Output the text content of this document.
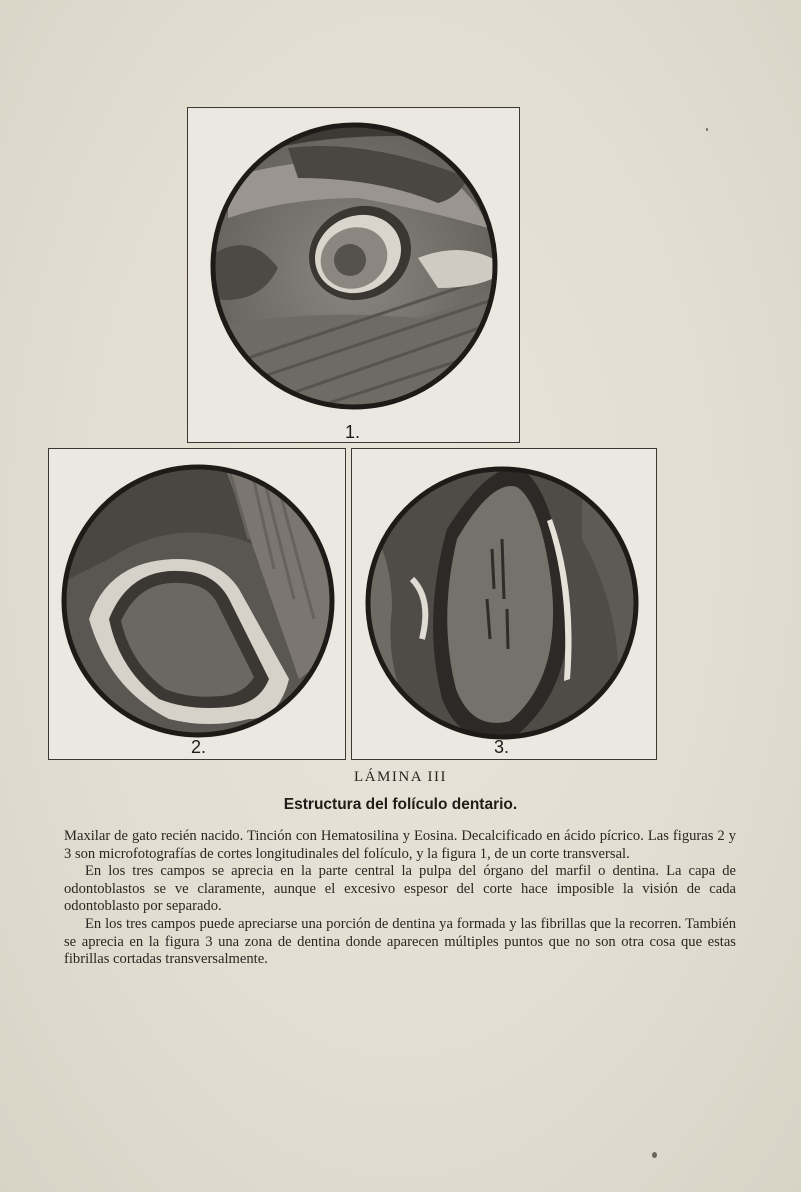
1.
2.	3.
LÁMINA III
Estructura del folículo dentario.

Maxilar de gato recién nacido. Tinción con Hematosilina y Eosina. Decalcificado en ácido pícrico. Las figuras 2 y 3 son microfotografías de cortes longitudinales del folículo, y la figura 1, de un corte transversal.

En los tres campos se aprecia en la parte central la pulpa del órgano del marfil o dentina. La capa de odontoblastos se ve claramente, aunque el excesivo espesor del corte hace imposible la visión de cada odontoblasto por separado.

En los tres campos puede apreciarse una porción de dentina ya formada y las fibrillas que la recorren. También se aprecia en la figura 3 una zona de dentina donde aparecen múltiples puntos que no son otra cosa que estas fibrillas cortadas transversalmente.
